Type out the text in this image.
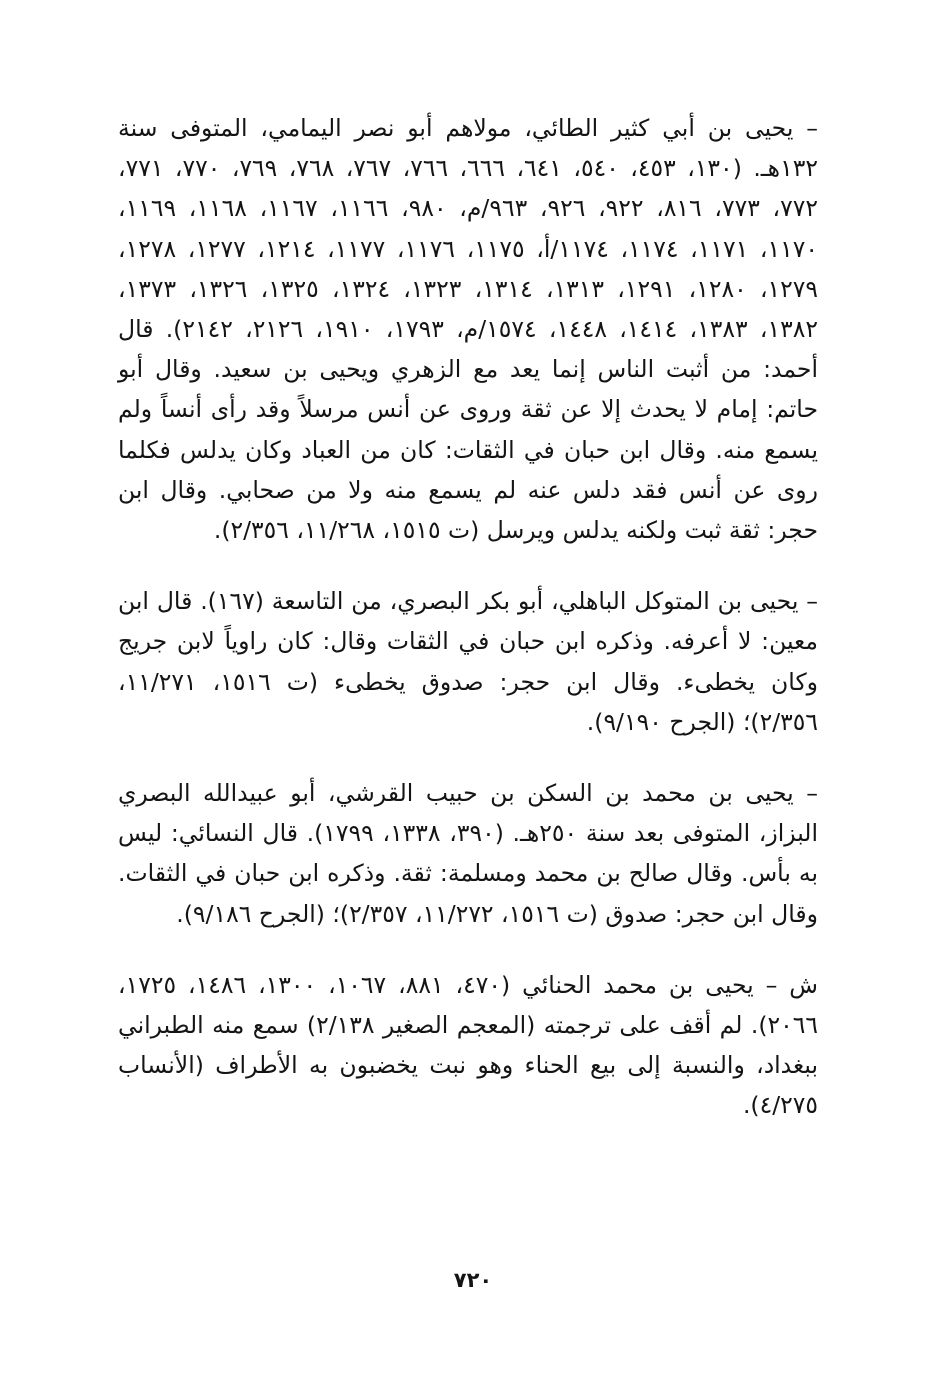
– يحيى بن أبي كثير الطائي، مولاهم أبو نصر اليمامي، المتوفى سنة ١٣٢هـ. (١٣٠، ٤٥٣، ٥٤٠، ٦٤١، ٦٦٦، ٧٦٦، ٧٦٧، ٧٦٨، ٧٦٩، ٧٧٠، ٧٧١، ٧٧٢، ٧٧٣، ٨١٦، ٩٢٢، ٩٢٦، ٩٦٣/م، ٩٨٠، ١١٦٦، ١١٦٧، ١١٦٨، ١١٦٩، ١١٧٠، ١١٧١، ١١٧٤، ١١٧٤/أ، ١١٧٥، ١١٧٦، ١١٧٧، ١٢١٤، ١٢٧٧، ١٢٧٨، ١٢٧٩، ١٢٨٠، ١٢٩١، ١٣١٣، ١٣١٤، ١٣٢٣، ١٣٢٤، ١٣٢٥، ١٣٢٦، ١٣٧٣، ١٣٨٢، ١٣٨٣، ١٤١٤، ١٤٤٨، ١٥٧٤/م، ١٧٩٣، ١٩١٠، ٢١٢٦، ٢١٤٢). قال أحمد: من أثبت الناس إنما يعد مع الزهري ويحيى بن سعيد. وقال أبو حاتم: إمام لا يحدث إلا عن ثقة وروى عن أنس مرسلاً وقد رأى أنساً ولم يسمع منه. وقال ابن حبان في الثقات: كان من العباد وكان يدلس فكلما روى عن أنس فقد دلس عنه لم يسمع منه ولا من صحابي. وقال ابن حجر: ثقة ثبت ولكنه يدلس ويرسل (ت ١٥١٥، ١١/٢٦٨، ٢/٣٥٦).

– يحيى بن المتوكل الباهلي، أبو بكر البصري، من التاسعة (١٦٧). قال ابن معين: لا أعرفه. وذكره ابن حبان في الثقات وقال: كان راوياً لابن جريج وكان يخطىء. وقال ابن حجر: صدوق يخطىء (ت ١٥١٦، ١١/٢٧١، ٢/٣٥٦)؛ (الجرح ٩/١٩٠).

– يحيى بن محمد بن السكن بن حبيب القرشي، أبو عبيدالله البصري البزاز، المتوفى بعد سنة ٢٥٠هـ. (٣٩٠، ١٣٣٨، ١٧٩٩). قال النسائي: ليس به بأس. وقال صالح بن محمد ومسلمة: ثقة. وذكره ابن حبان في الثقات. وقال ابن حجر: صدوق (ت ١٥١٦، ١١/٢٧٢، ٢/٣٥٧)؛ (الجرح ٩/١٨٦).

ش – يحيى بن محمد الحنائي (٤٧٠، ٨٨١، ١٠٦٧، ١٣٠٠، ١٤٨٦، ١٧٢٥، ٢٠٦٦). لم أقف على ترجمته (المعجم الصغير ٢/١٣٨) سمع منه الطبراني ببغداد، والنسبة إلى بيع الحناء وهو نبت يخضبون به الأطراف (الأنساب ٤/٢٧٥).

٧٢٠
